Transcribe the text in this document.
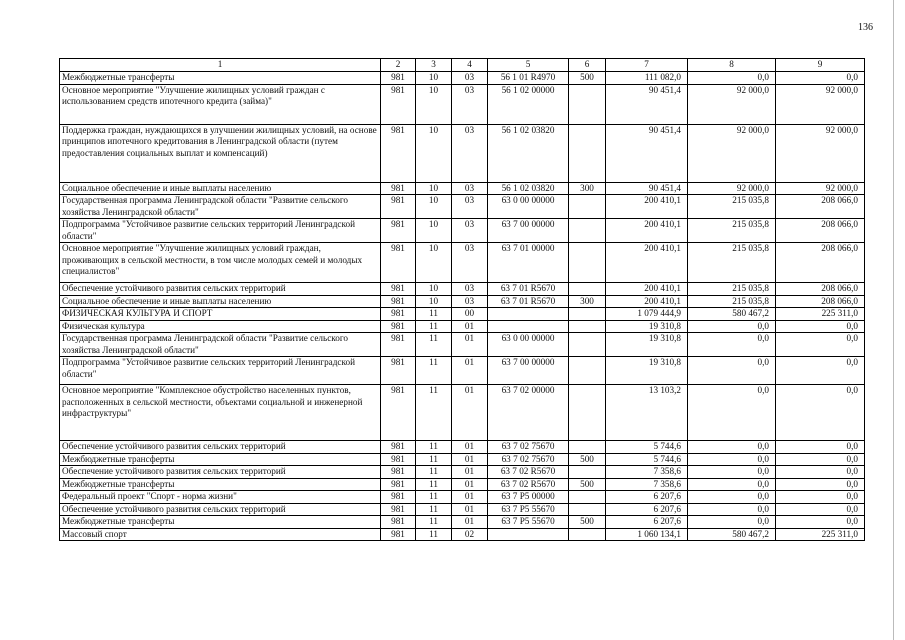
136
1	2	3	4	5	6	7	8	9
Межбюджетные трансферты	981	10	03	56 1 01 R4970	500	111 082,0	0,0	0,0
Основное мероприятие "Улучшение жилищных условий граждан с использованием средств ипотечного кредита (займа)"	981	10	03	56 1 02 00000		90 451,4	92 000,0	92 000,0
Поддержка граждан, нуждающихся в улучшении жилищных условий, на основе принципов ипотечного кредитования в Ленинградской области (путем предоставления социальных выплат и компенсаций)	981	10	03	56 1 02 03820		90 451,4	92 000,0	92 000,0
Социальное обеспечение и иные выплаты населению	981	10	03	56 1 02 03820	300	90 451,4	92 000,0	92 000,0
Государственная программа Ленинградской области "Развитие сельского хозяйства Ленинградской области"	981	10	03	63 0 00 00000		200 410,1	215 035,8	208 066,0
Подпрограмма "Устойчивое развитие сельских территорий Ленинградской области"	981	10	03	63 7 00 00000		200 410,1	215 035,8	208 066,0
Основное мероприятие "Улучшение жилищных условий граждан, проживающих в сельской местности, в том числе молодых семей и молодых специалистов"	981	10	03	63 7 01 00000		200 410,1	215 035,8	208 066,0
Обеспечение устойчивого развития сельских территорий	981	10	03	63 7 01 R5670		200 410,1	215 035,8	208 066,0
Социальное обеспечение и иные выплаты населению	981	10	03	63 7 01 R5670	300	200 410,1	215 035,8	208 066,0
ФИЗИЧЕСКАЯ КУЛЬТУРА И СПОРТ	981	11	00			1 079 444,9	580 467,2	225 311,0
Физическая культура	981	11	01			19 310,8	0,0	0,0
Государственная программа Ленинградской области "Развитие сельского хозяйства Ленинградской области"	981	11	01	63 0 00 00000		19 310,8	0,0	0,0
Подпрограмма "Устойчивое развитие сельских территорий Ленинградской области"	981	11	01	63 7 00 00000		19 310,8	0,0	0,0
Основное мероприятие "Комплексное обустройство населенных пунктов, расположенных в сельской местности, объектами социальной и инженерной инфраструктуры"	981	11	01	63 7 02 00000		13 103,2	0,0	0,0
Обеспечение устойчивого развития сельских территорий	981	11	01	63 7 02 75670		5 744,6	0,0	0,0
Межбюджетные трансферты	981	11	01	63 7 02 75670	500	5 744,6	0,0	0,0
Обеспечение устойчивого развития сельских территорий	981	11	01	63 7 02 R5670		7 358,6	0,0	0,0
Межбюджетные трансферты	981	11	01	63 7 02 R5670	500	7 358,6	0,0	0,0
Федеральный проект "Спорт - норма жизни"	981	11	01	63 7 P5 00000		6 207,6	0,0	0,0
Обеспечение устойчивого развития сельских территорий	981	11	01	63 7 P5 55670		6 207,6	0,0	0,0
Межбюджетные трансферты	981	11	01	63 7 P5 55670	500	6 207,6	0,0	0,0
Массовый спорт	981	11	02			1 060 134,1	580 467,2	225 311,0
